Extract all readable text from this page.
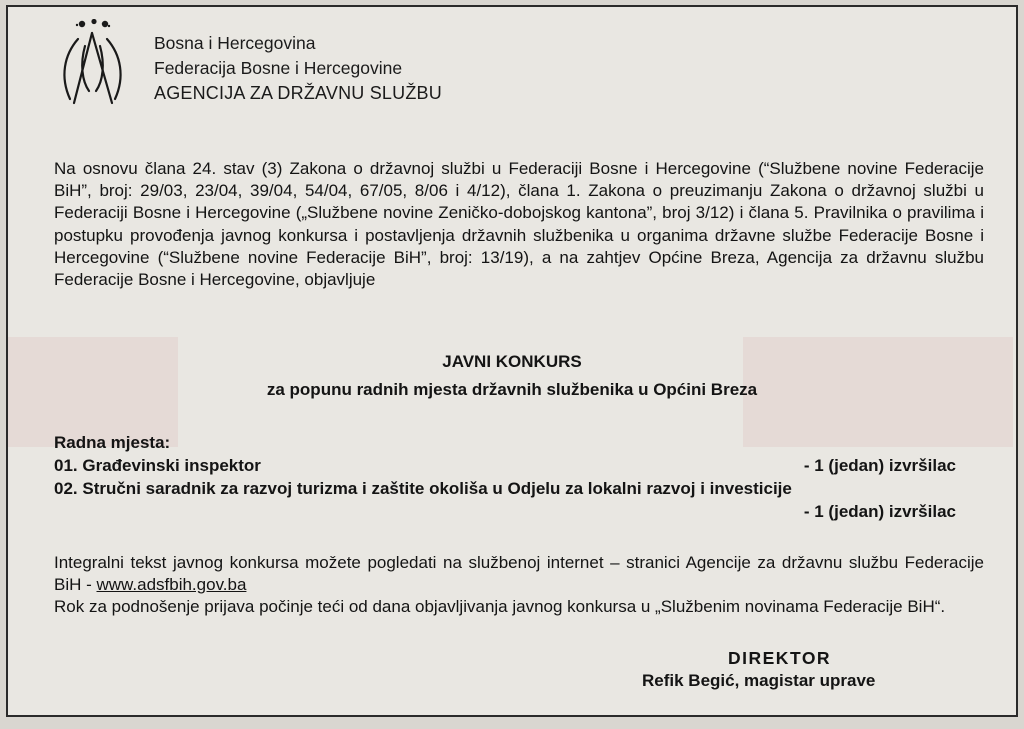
Bosna i Hercegovina
Federacija Bosne i Hercegovine
AGENCIJA ZA DRŽAVNU SLUŽBU
Na osnovu člana 24. stav (3) Zakona o državnoj službi u Federaciji Bosne i Hercegovine (“Službene novine Federacije BiH”, broj: 29/03, 23/04, 39/04, 54/04, 67/05, 8/06 i 4/12), člana 1. Zakona o preuzimanju Zakona o državnoj službi u Federaciji Bosne i Hercegovine („Službene novine Zeničko-dobojskog kantona”, broj 3/12) i člana 5. Pravilnika o pravilima i postupku provođenja javnog konkursa i postavljenja državnih službenika u organima državne službe Federacije Bosne i Hercegovine (“Službene novine Federacije BiH”, broj: 13/19), a na zahtjev Općine Breza, Agencija za državnu službu Federacije Bosne i Hercegovine, objavljuje
JAVNI KONKURS
za popunu radnih mjesta državnih službenika u Općini Breza
Radna mjesta:
01. Građevinski inspektor	- 1 (jedan) izvršilac
02. Stručni saradnik za razvoj turizma i zaštite okoliša u Odjelu za lokalni razvoj i investicije
- 1 (jedan) izvršilac
Integralni tekst javnog konkursa možete pogledati na službenoj internet – stranici Agencije za državnu službu Federacije BiH - www.adsfbih.gov.ba
Rok za podnošenje prijava počinje teći od dana objavljivanja javnog konkursa u „Službenim novinama Federacije BiH“.
DIREKTOR
Refik Begić, magistar uprave
